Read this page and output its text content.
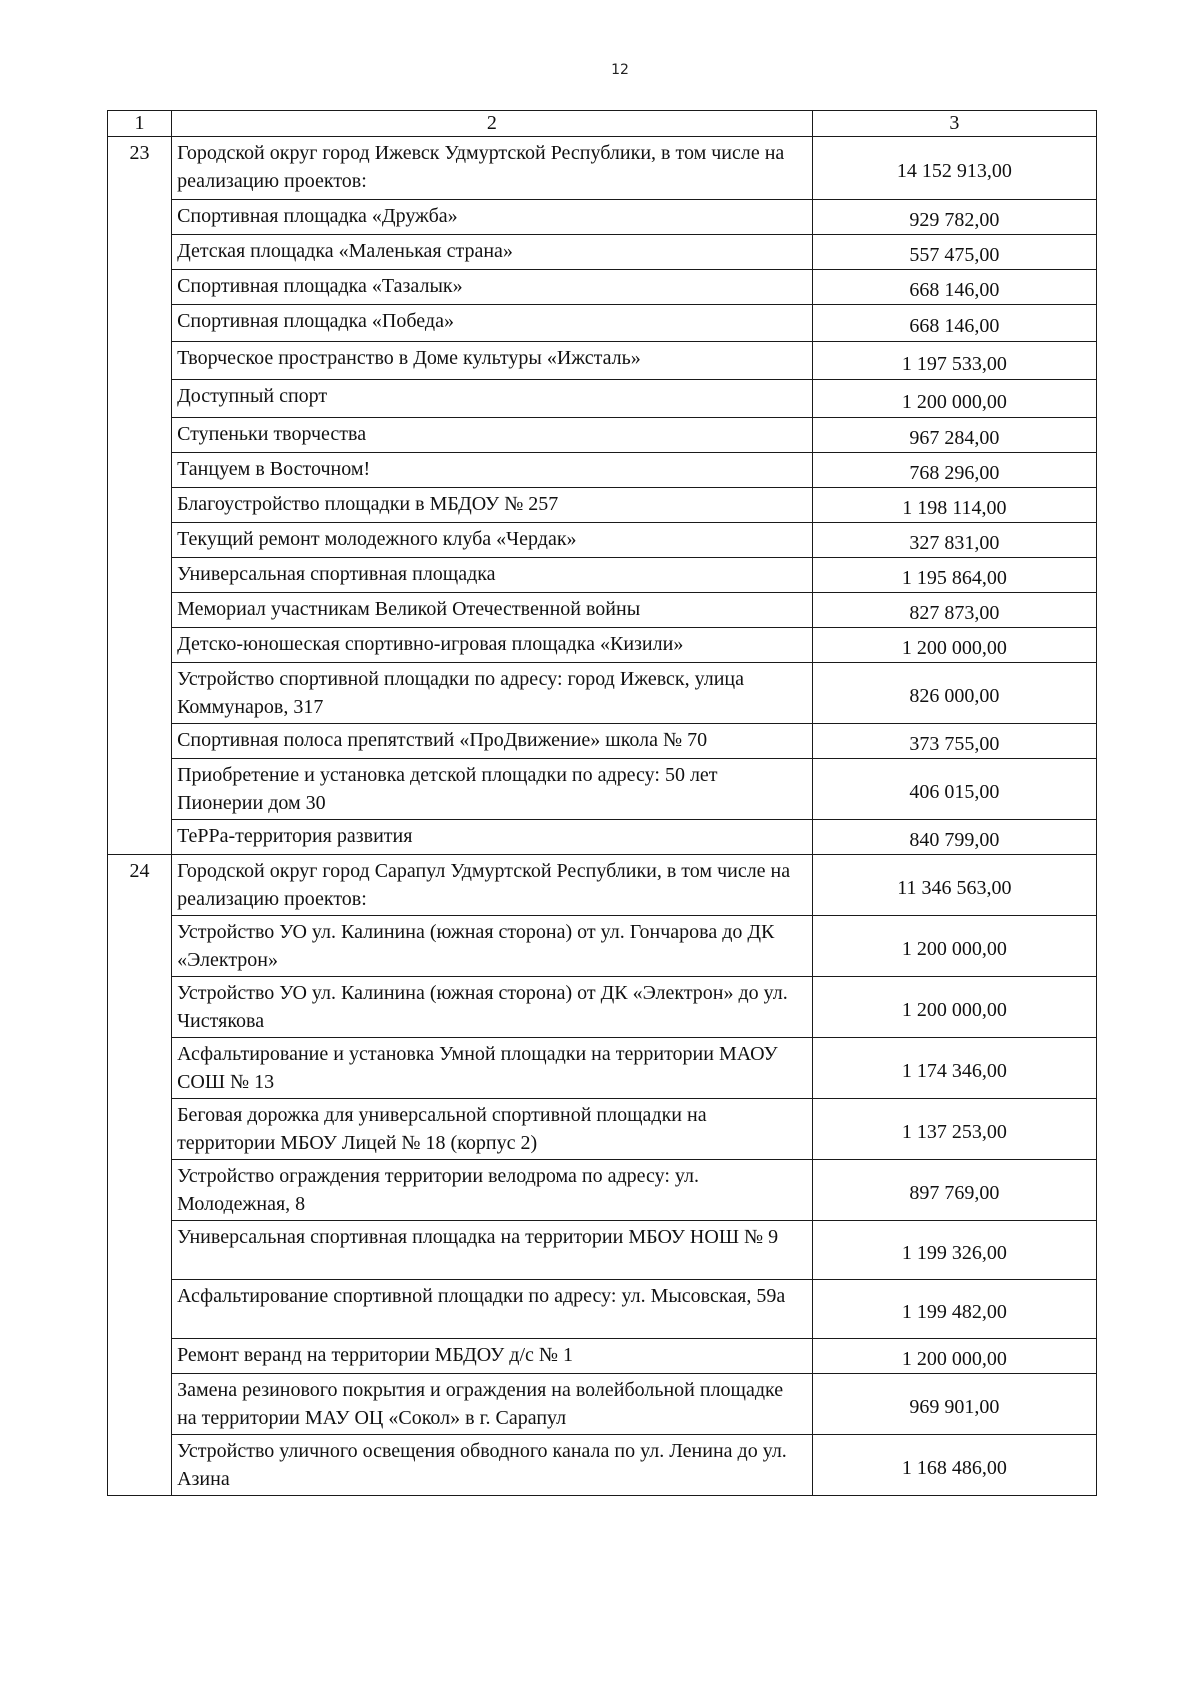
12
1	2	3
23	Городской округ город Ижевск Удмуртской Республики, в том числе на реализацию проектов:	14 152 913,00
	Спортивная площадка «Дружба»	929 782,00
	Детская площадка «Маленькая страна»	557 475,00
	Спортивная площадка «Тазалык»	668 146,00
	Спортивная площадка «Победа»	668 146,00
	Творческое пространство в Доме культуры «Ижсталь»	1 197 533,00
	Доступный спорт	1 200 000,00
	Ступеньки творчества	967 284,00
	Танцуем в Восточном!	768 296,00
	Благоустройство площадки в МБДОУ № 257	1 198 114,00
	Текущий ремонт молодежного клуба «Чердак»	327 831,00
	Универсальная спортивная площадка	1 195 864,00
	Мемориал участникам Великой Отечественной войны	827 873,00
	Детско-юношеская спортивно-игровая площадка «Кизили»	1 200 000,00
	Устройство спортивной площадки по адресу: город Ижевск, улица Коммунаров, 317	826 000,00
	Спортивная полоса препятствий «ПроДвижение» школа № 70	373 755,00
	Приобретение и установка детской площадки по адресу: 50 лет Пионерии дом 30	406 015,00
	ТеРРа-территория развития	840 799,00
24	Городской округ город Сарапул Удмуртской Республики, в том числе на реализацию проектов:	11 346 563,00
	Устройство УО ул. Калинина (южная сторона) от ул. Гончарова до ДК «Электрон»	1 200 000,00
	Устройство УО ул. Калинина (южная сторона) от ДК «Электрон» до ул. Чистякова	1 200 000,00
	Асфальтирование и установка Умной площадки на территории МАОУ СОШ № 13	1 174 346,00
	Беговая дорожка для универсальной спортивной площадки на территории МБОУ Лицей № 18 (корпус 2)	1 137 253,00
	Устройство ограждения территории велодрома по адресу: ул. Молодежная, 8	897 769,00
	Универсальная спортивная площадка на территории МБОУ НОШ № 9	1 199 326,00
	Асфальтирование спортивной площадки по адресу: ул. Мысовская, 59а	1 199 482,00
	Ремонт веранд на территории МБДОУ д/с № 1	1 200 000,00
	Замена резинового покрытия и ограждения на волейбольной площадке на территории МАУ ОЦ «Сокол» в г. Сарапул	969 901,00
	Устройство уличного освещения обводного канала по ул. Ленина до ул. Азина	1 168 486,00
